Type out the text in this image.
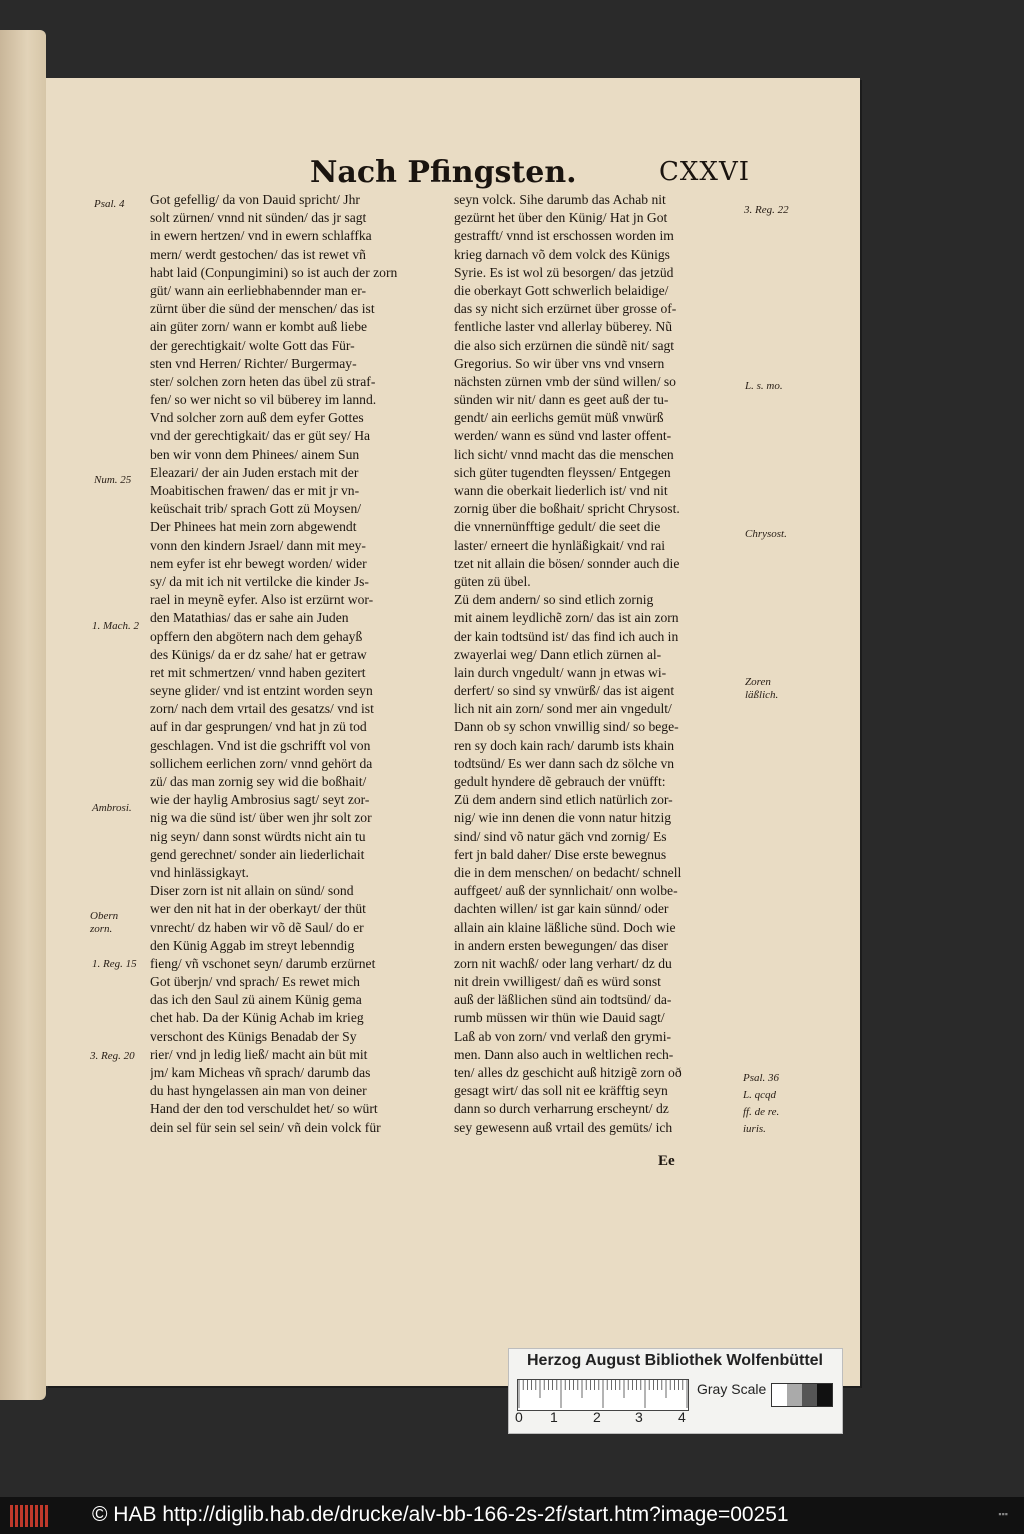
Nach Pfingsten.	CXXVI
Got gefellig/ da von Dauid spricht/ Jhr
solt zürnen/ vnnd nit sünden/ das jr sagt
in ewern hertzen/ vnd in ewern schlaffka
mern/ werdt gestochen/ das ist rewet vñ
habt laid (Conpungimini) so ist auch der zorn
güt/ wann ain eerliebhabennder man er-
zürnt über die sünd der menschen/ das ist
ain güter zorn/ wann er kombt auß liebe
der gerechtigkait/ wolte Gott das Für-
sten vnd Herren/ Richter/ Burgermay-
ster/ solchen zorn heten das übel zü straf-
fen/ so wer nicht so vil büberey im lannd.
Vnd solcher zorn auß dem eyfer Gottes
vnd der gerechtigkait/ das er güt sey/ Ha
ben wir vonn dem Phinees/ ainem Sun
Eleazari/ der ain Juden erstach mit der
Moabitischen frawen/ das er mit jr vn-
keüschait trib/ sprach Gott zü Moysen/
Der Phinees hat mein zorn abgewendt
vonn den kindern Jsrael/ dann mit mey-
nem eyfer ist ehr bewegt worden/ wider
sy/ da mit ich nit vertilcke die kinder Js-
rael in meynẽ eyfer. Also ist erzürnt wor-
den Matathias/ das er sahe ain Juden
opffern den abgötern nach dem gehayß
des Künigs/ da er dz sahe/ hat er getraw
ret mit schmertzen/ vnnd haben gezitert
seyne glider/ vnd ist entzint worden seyn
zorn/ nach dem vrtail des gesatzs/ vnd ist
auf in dar gesprungen/ vnd hat jn zü tod
geschlagen. Vnd ist die gschrifft vol von
sollichem eerlichen zorn/ vnnd gehört da
zü/ das man zornig sey wid die boßhait/
wie der haylig Ambrosius sagt/ seyt zor-
nig wa die sünd ist/ über wen jhr solt zor
nig seyn/ dann sonst würdts nicht ain tu
gend gerechnet/ sonder ain liederlichait
vnd hinlässigkayt.
Diser zorn ist nit allain on sünd/ sond
wer den nit hat in der oberkayt/ der thüt
vnrecht/ dz haben wir võ dẽ Saul/ do er
den Künig Aggab im streyt lebenndig
fieng/ vñ vschonet seyn/ darumb erzürnet
Got überjn/ vnd sprach/ Es rewet mich
das ich den Saul zü ainem Künig gema
chet hab. Da der Künig Achab im krieg
verschont des Künigs Benadab der Sy
rier/ vnd jn ledig ließ/ macht ain büt mit
jm/ kam Micheas vñ sprach/ darumb das
du hast hyngelassen ain man von deiner
Hand der den tod verschuldet het/ so würt
dein sel für sein sel sein/ vñ dein volck für
seyn volck. Sihe darumb das Achab nit
gezürnt het über den Künig/ Hat jn Got
gestrafft/ vnnd ist erschossen worden im
krieg darnach võ dem volck des Künigs
Syrie. Es ist wol zü besorgen/ das jetzüd
die oberkayt Gott schwerlich belaidige/
das sy nicht sich erzürnet über grosse of-
fentliche laster vnd allerlay büberey. Nũ
die also sich erzürnen die sündẽ nit/ sagt
Gregorius. So wir über vns vnd vnsern
nächsten zürnen vmb der sünd willen/ so
sünden wir nit/ dann es geet auß der tu-
gendt/ ain eerlichs gemüt müß vnwürß
werden/ wann es sünd vnd laster offent-
lich sicht/ vnnd macht das die menschen
sich güter tugendten fleyssen/ Entgegen
wann die oberkait liederlich ist/ vnd nit
zornig über die boßhait/ spricht Chrysost.
die vnnernünfftige gedult/ die seet die
laster/ erneert die hynläßigkait/ vnd rai
tzet nit allain die bösen/ sonnder auch die
güten zü übel.
Zü dem andern/ so sind etlich zornig
mit ainem leydlichẽ zorn/ das ist ain zorn
der kain todtsünd ist/ das find ich auch in
zwayerlai weg/ Dann etlich zürnen al-
lain durch vngedult/ wann jn etwas wi-
derfert/ so sind sy vnwürß/ das ist aigent
lich nit ain zorn/ sond mer ain vngedult/
Dann ob sy schon vnwillig sind/ so bege-
ren sy doch kain rach/ darumb ists khain
todtsünd/ Es wer dann sach dz sölche vn
gedult hyndere dẽ gebrauch der vnüfft:
Zü dem andern sind etlich natürlich zor-
nig/ wie inn denen die vonn natur hitzig
sind/ sind võ natur gäch vnd zornig/ Es
fert jn bald daher/ Dise erste bewegnus
die in dem menschen/ on bedacht/ schnell
auffgeet/ auß der synnlichait/ onn wolbe-
dachten willen/ ist gar kain sünnd/ oder
allain ain klaine läßliche sünd. Doch wie
in andern ersten bewegungen/ das diser
zorn nit wachß/ oder lang verhart/ dz du
nit drein vwilligest/ dañ es würd sonst
auß der läßlichen sünd ain todtsünd/ da-
rumb müssen wir thün wie Dauid sagt/
Laß ab von zorn/ vnd verlaß den grymi-
men. Dann also auch in weltlichen rech-
ten/ alles dz geschicht auß hitzigẽ zorn oð
gesagt wirt/ das soll nit ee kräfftig seyn
dann so durch verharrung erscheynt/ dz
sey gewesenn auß vrtail des gemüts/ ich
Psal. 4
Num. 25
1. Mach. 2
Ambrosi.
Obern zorn.
1. Reg. 15
3. Reg. 20
3. Reg. 22
L. s. mo.
Chrysost.
Zoren läßlich.
Psal. 36
L. qcqd
ff. de re.
iuris.
Ee
Herzog August Bibliothek Wolfenbüttel
0 1	2 3	4
Gray Scale
© HAB http://diglib.hab.de/drucke/alv-bb-166-2s-2f/start.htm?image=00251	▪▪▪
